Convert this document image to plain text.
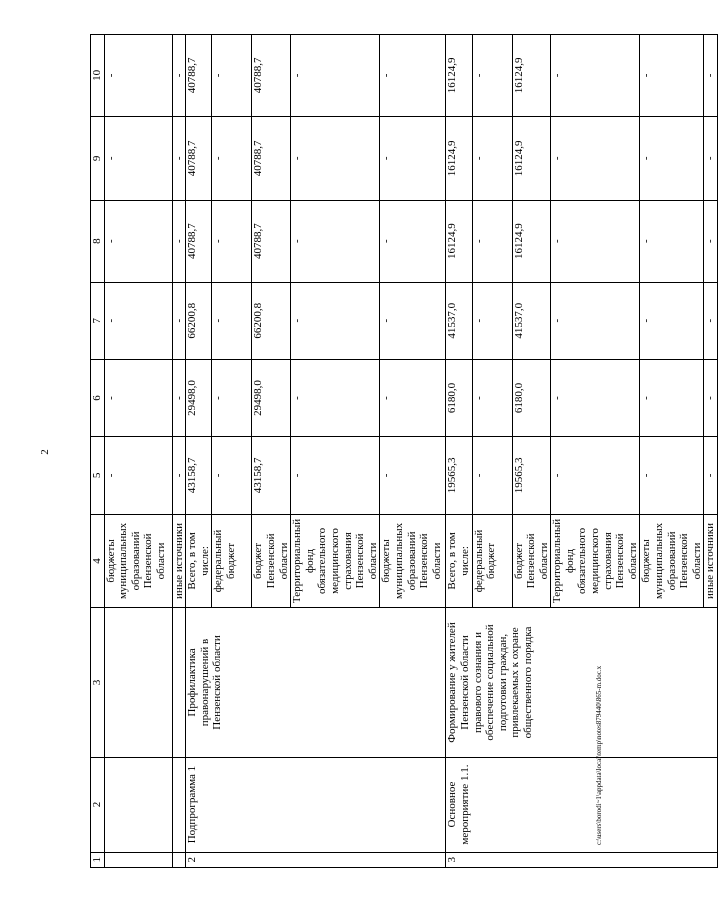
2
c:\users\borodi~1\appdata\local\temp\notes879440\865-m.doc.x
1	2	3	4	5	6	7	8	9	10
			бюджеты муниципальных образований Пензенской области	-	-	-	-	-	-
			иные источники	-	-	-	-	-	-
2	Подпрограмма 1	Профилактика правонарушений в Пензенской области	Всего, в том числе:	43158,7	29498,0	66200,8	40788,7	40788,7	40788,7
			федеральный бюджет	-	-	-	-	-	-
			бюджет Пензенской области	43158,7	29498,0	66200,8	40788,7	40788,7	40788,7
			Территориальный фонд обязательного медицинского страхования Пензенской области	-	-	-	-	-	-
			бюджеты муниципальных образований Пензенской области	-	-	-	-	-	-
3	Основное мероприятие 1.1.	Формирование у жителей Пензенской области правового сознания и обеспечение социальной подготовки граждан, привлекаемых к охране общественного порядка	Всего, в том числе:	19565,3	6180,0	41537,0	16124,9	16124,9	16124,9
			федеральный бюджет	-	-	-	-	-	-
			бюджет Пензенской области	19565,3	6180,0	41537,0	16124,9	16124,9	16124,9
			Территориальный фонд обязательного медицинского страхования Пензенской области	-	-	-	-	-	-
			бюджеты муниципальных образований Пензенской области	-	-	-	-	-	-
			иные источники	-	-	-	-	-	-
